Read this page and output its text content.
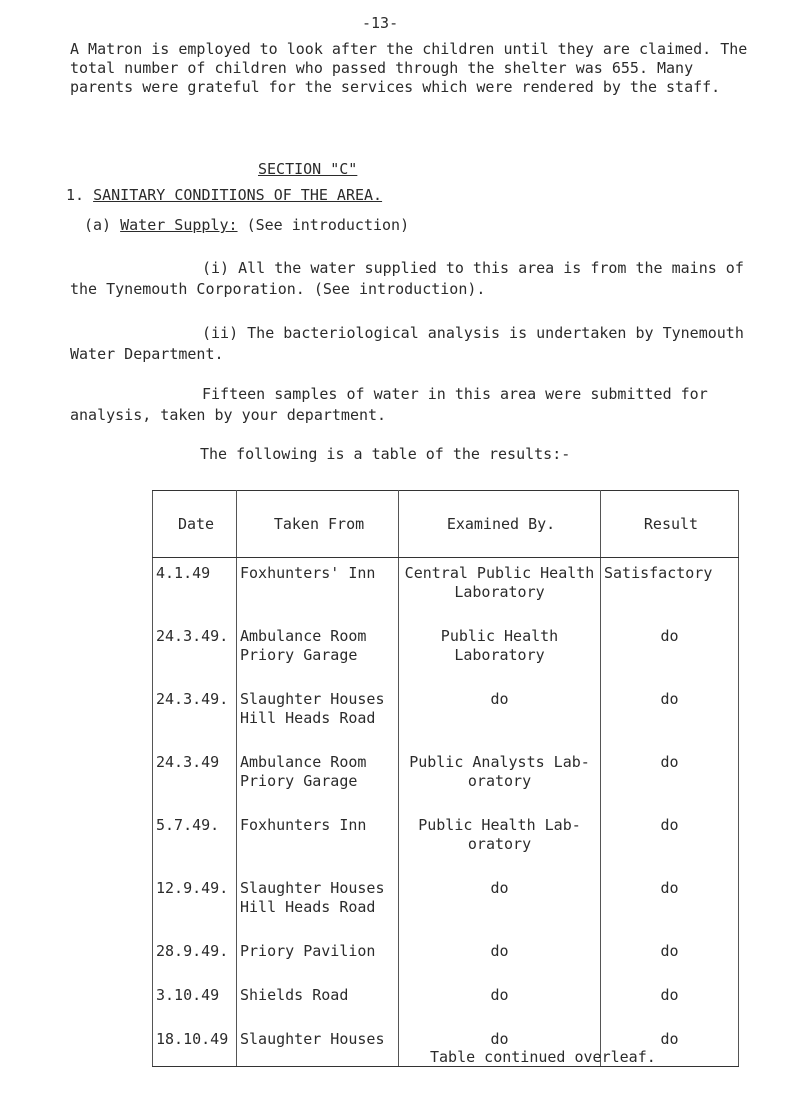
-13-
A Matron is employed to look after the children until they are claimed. The total number of children who passed through the shelter was 655. Many parents were grateful for the services which were rendered by the staff.
SECTION "C"
1. SANITARY CONDITIONS OF THE AREA.
(a) Water Supply: (See introduction)
(i) All the water supplied to this area is from the mains of the Tynemouth Corporation. (See introduction).
(ii) The bacteriological analysis is undertaken by Tynemouth Water Department.
Fifteen samples of water in this area were submitted for analysis, taken by your department.
The following is a table of the results:-
Date	Taken From	Examined By.	Result
4.1.49	Foxhunters' Inn	Central Public Health Laboratory	Satisfactory
24.3.49.	Ambulance Room Priory Garage	Public Health Laboratory	do
24.3.49.	Slaughter Houses Hill Heads Road	do	do
24.3.49	Ambulance Room Priory Garage	Public Analysts Lab- oratory	do
5.7.49.	Foxhunters Inn	Public Health Lab- oratory	do
12.9.49.	Slaughter Houses Hill Heads Road	do	do
28.9.49.	Priory Pavilion	do	do
3.10.49	Shields Road	do	do
18.10.49	Slaughter Houses	do	do
Table continued overleaf.
